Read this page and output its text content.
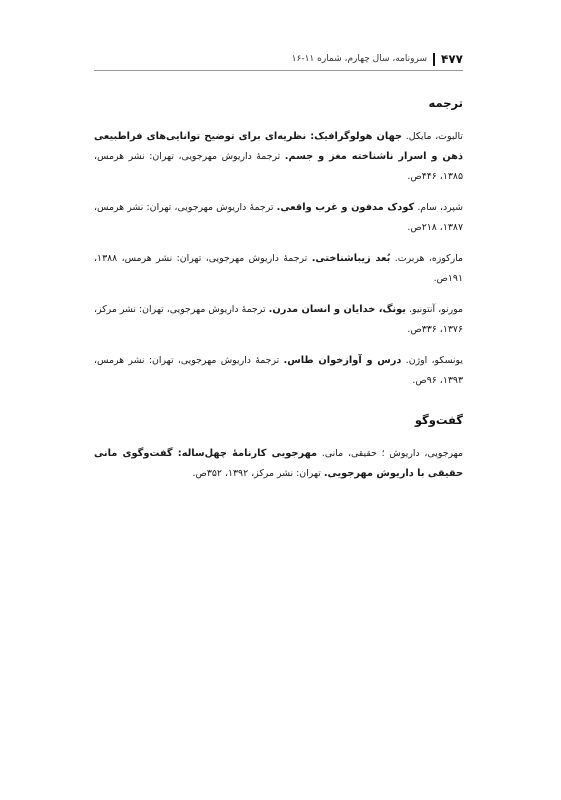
۴۷۷
سرونامه، سال چهارم، شماره ۱۱-۱۶
ترجمه

تالبوت، مایکل. جهان هولوگرافیک: نظریه‌ای برای توضیح توانایی‌های فراطبیعی ذهن و اسرار ناشناخته مغز و جسم. ترجمهٔ داریوش مهرجویی، تهران: نشر هرمس، ۱۳۸۵، ۴۴۶ص.

شپرد، سام. کودک مدفون و غرب واقعی. ترجمهٔ داریوش مهرجویی، تهران: نشر هرمس، ۱۳۸۷، ۲۱۸ص.

مارکوزه، هربرت. بُعد زیباشناختی. ترجمهٔ داریوش مهرجویی، تهران: نشر هرمس، ۱۳۸۸، ۱۹۱ص.

مورنو، آنتونیو. یونگ، خدایان و انسان مدرن. ترجمهٔ داریوش مهرجویی، تهران: نشر مرکز، ۱۳۷۶، ۳۳۶ص.

یونسکو، اوژن. درس و آوازخوان طاس. ترجمهٔ داریوش مهرجویی، تهران: نشر هرمس، ۱۳۹۳، ۹۶ص.

گفت‌وگو

مهرجویی، داریوش ؛ حقیقی، مانی. مهرجویی کارنامهٔ چهل‌ساله: گفت‌وگوی مانی حقیقی با داریوش مهرجویی. تهران: نشر مرکز، ۱۳۹۲، ۳۵۲ص.
